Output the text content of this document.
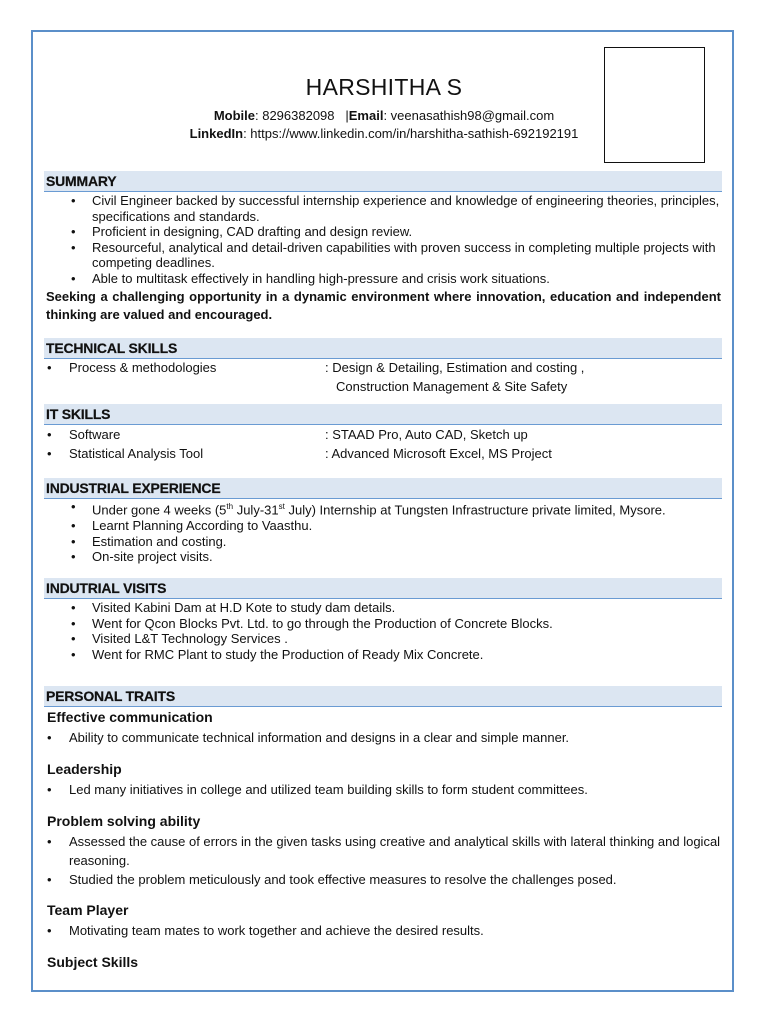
HARSHITHA S
Mobile: 8296382098 |Email: veenasathish98@gmail.com
LinkedIn: https://www.linkedin.com/in/harshitha-sathish-692192191
SUMMARY
• Civil Engineer backed by successful internship experience and knowledge of engineering theories, principles, specifications and standards.
• Proficient in designing, CAD drafting and design review.
• Resourceful, analytical and detail-driven capabilities with proven success in completing multiple projects with competing deadlines.
• Able to multitask effectively in handling high-pressure and crisis work situations.
Seeking a challenging opportunity in a dynamic environment where innovation, education and independent thinking are valued and encouraged.
TECHNICAL SKILLS
• Process & methodologies	: Design & Detailing, Estimation and costing ,
Construction Management & Site Safety
IT SKILLS
• Software	: STAAD Pro, Auto CAD, Sketch up
• Statistical Analysis Tool	: Advanced Microsoft Excel, MS Project
INDUSTRIAL EXPERIENCE
• Under gone 4 weeks (5th July-31st July) Internship at Tungsten Infrastructure private limited, Mysore.
• Learnt Planning According to Vaasthu.
• Estimation and costing.
• On-site project visits.
INDUTRIAL VISITS
• Visited Kabini Dam at H.D Kote to study dam details.
• Went for Qcon Blocks Pvt. Ltd. to go through the Production of Concrete Blocks.
• Visited L&T Technology Services .
• Went for RMC Plant to study the Production of Ready Mix Concrete.
PERSONAL TRAITS
Effective communication
• Ability to communicate technical information and designs in a clear and simple manner.
Leadership
• Led many initiatives in college and utilized team building skills to form student committees.
Problem solving ability
• Assessed the cause of errors in the given tasks using creative and analytical skills with lateral thinking and logical reasoning.
• Studied the problem meticulously and took effective measures to resolve the challenges posed.
Team Player
• Motivating team mates to work together and achieve the desired results.
Subject Skills
